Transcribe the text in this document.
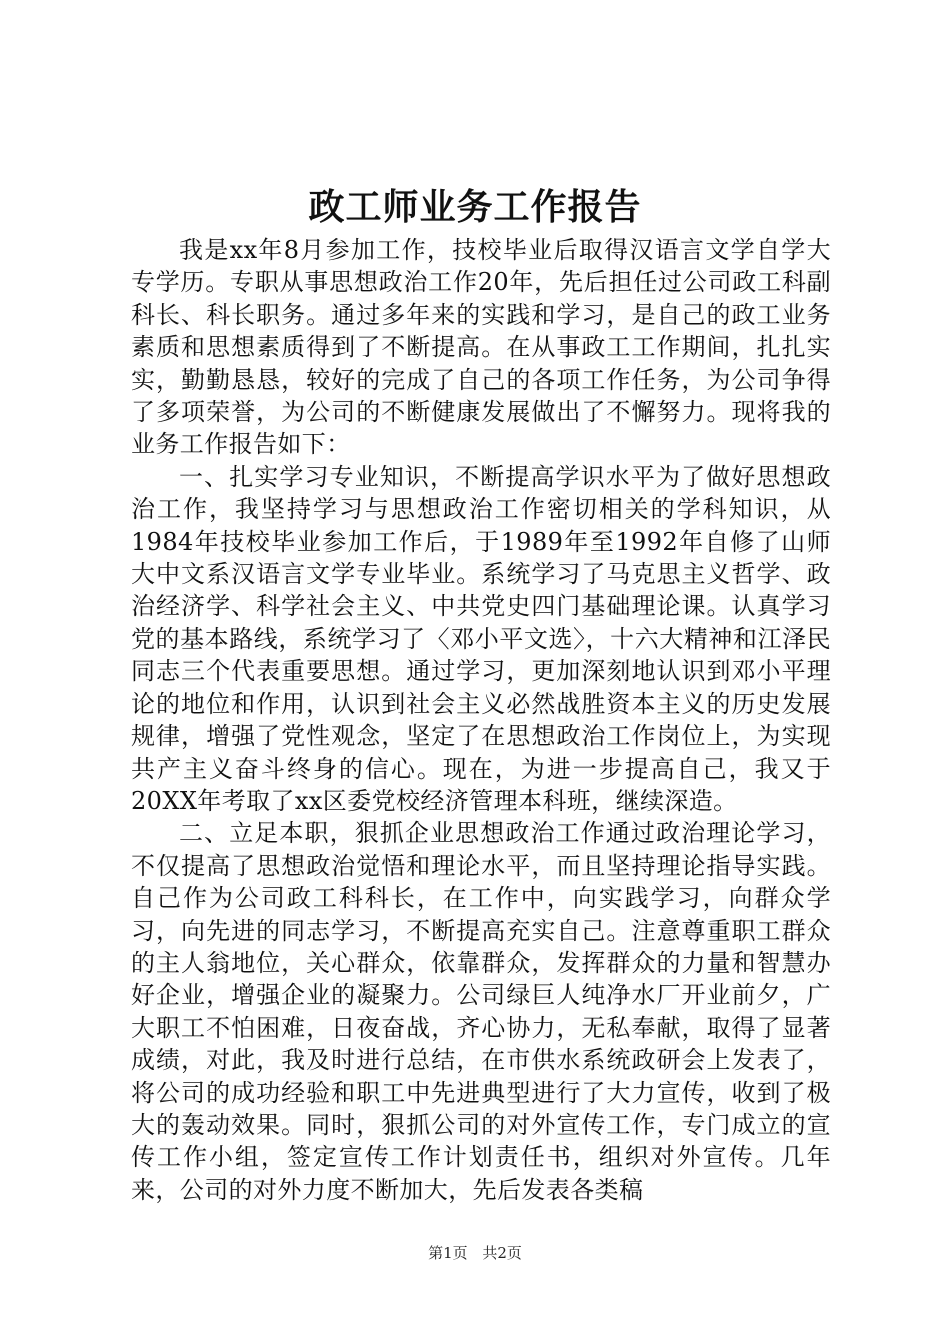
政工师业务工作报告

我是xx年8月参加工作，技校毕业后取得汉语言文学自学大专学历。专职从事思想政治工作20年，先后担任过公司政工科副科长、科长职务。通过多年来的实践和学习，是自己的政工业务素质和思想素质得到了不断提高。在从事政工工作期间，扎扎实实，勤勤恳恳，较好的完成了自己的各项工作任务，为公司争得了多项荣誉，为公司的不断健康发展做出了不懈努力。现将我的业务工作报告如下：

一、扎实学习专业知识，不断提高学识水平为了做好思想政治工作，我坚持学习与思想政治工作密切相关的学科知识，从1984年技校毕业参加工作后，于1989年至1992年自修了山师大中文系汉语言文学专业毕业。系统学习了马克思主义哲学、政治经济学、科学社会主义、中共党史四门基础理论课。认真学习党的基本路线，系统学习了〈邓小平文选〉，十六大精神和江泽民同志三个代表重要思想。通过学习，更加深刻地认识到邓小平理论的地位和作用，认识到社会主义必然战胜资本主义的历史发展规律，增强了党性观念，坚定了在思想政治工作岗位上，为实现共产主义奋斗终身的信心。现在，为进一步提高自己，我又于20XX年考取了xx区委党校经济管理本科班，继续深造。

二、立足本职，狠抓企业思想政治工作通过政治理论学习，不仅提高了思想政治觉悟和理论水平，而且坚持理论指导实践。自己作为公司政工科科长，在工作中，向实践学习，向群众学习，向先进的同志学习，不断提高充实自己。注意尊重职工群众的主人翁地位，关心群众，依靠群众，发挥群众的力量和智慧办好企业，增强企业的凝聚力。公司绿巨人纯净水厂开业前夕，广大职工不怕困难，日夜奋战，齐心协力，无私奉献，取得了显著成绩，对此，我及时进行总结，在市供水系统政研会上发表了，将公司的成功经验和职工中先进典型进行了大力宣传，收到了极大的轰动效果。同时，狠抓公司的对外宣传工作，专门成立的宣传工作小组，签定宣传工作计划责任书，组织对外宣传。几年来，公司的对外力度不断加大，先后发表各类稿

第1页 共2页
